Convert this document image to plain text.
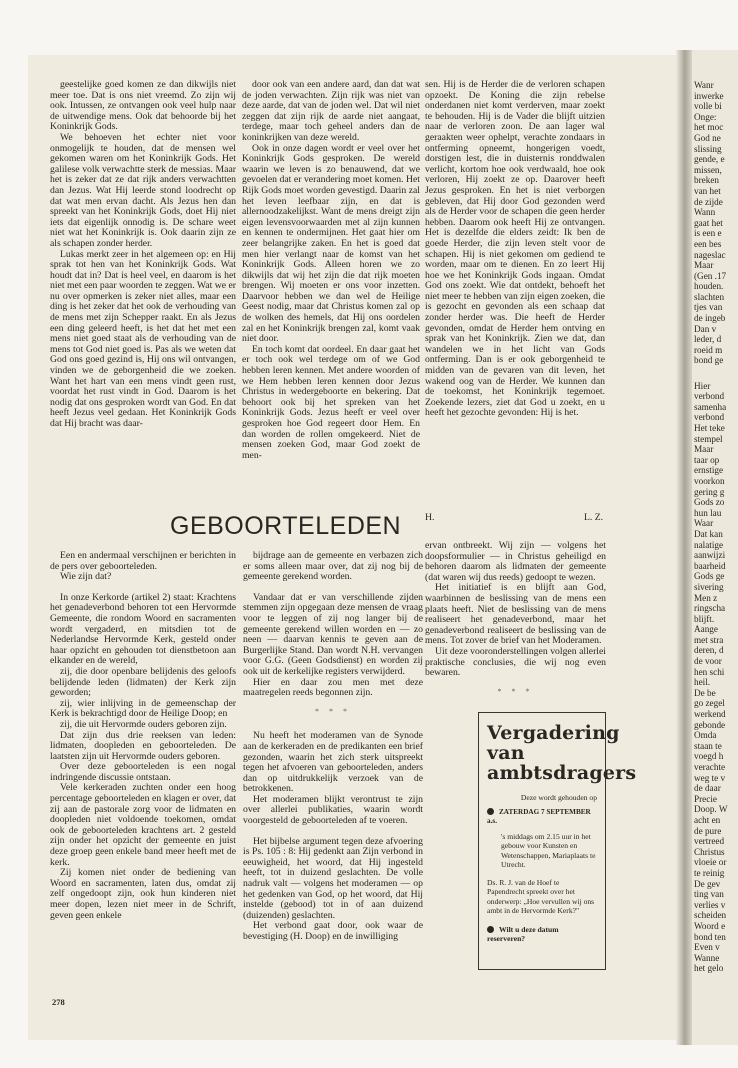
Wanr
inwerke
volle bi
Onge:
het moc
God ne
slissing
gende, e
missen,
breken
van het
de zijde
Wann
gaat het
is een e
een bes
nageslac
Maar
(Gen .17
houden.
slachten
tjes van
de ingeb
Dan v
leder, d
roeid m
bond ge
Hier
verbond
samenha
verbond
Het teke
stempel
Maar
taar op
ernstige
voorkon
gering g
Gods zo
hun lau
Waar
Dat kan
nalatige
aanwijzi
baarheid
Gods ge
sivering
Men z
ringscha
blijft.
Aange
met stra
deren, d
de voor
hen schi
heil.
De be
go zegel
werkend
gebonde
Omda
staan te
voegd h
verachte
weg te v
de daar
Precie
Doop. W
acht en
de pure
vertreed
Christus
vloeie or
te reinig
De gev
ting van
verlies v
scheiden
Woord e
bond ten
Even v
Wanne
het gelo

geestelijke goed komen ze dan dikwijls niet meer toe. Dat is ons niet vreemd. Zo zijn wij ook. Intussen, ze ontvangen ook veel hulp naar de uitwendige mens. Ook dat behoorde bij het Koninkrijk Gods.

We behoeven het echter niet voor onmogelijk te houden, dat de mensen wel gekomen waren om het Koninkrijk Gods. Het galilese volk verwachtte sterk de messias. Maar het is zeker dat ze dat rijk anders verwachtten dan Jezus. Wat Hij leerde stond loodrecht op dat wat men ervan dacht. Als Jezus hen dan spreekt van het Koninkrijk Gods, doet Hij niet iets dat eigenlijk onnodig is. De schare weet niet wat het Koninkrijk is. Ook daarin zijn ze als schapen zonder herder.

Lukas merkt zeer in het algemeen op: en Hij sprak tot hen van het Koninkrijk Gods. Wat houdt dat in? Dat is heel veel, en daarom is het niet met een paar woorden te zeggen. Wat we er nu over opmerken is zeker niet alles, maar een ding is het zeker dat het ook de verhouding van de mens met zijn Schepper raakt. En als Jezus een ding geleerd heeft, is het dat het met een mens niet goed staat als de verhouding van de mens tot God niet goed is. Pas als we weten dat God ons goed gezind is, Hij ons wil ontvangen, vinden we de geborgenheid die we zoeken. Want het hart van een mens vindt geen rust, voordat het rust vindt in God. Daarom is het nodig dat ons gesproken wordt van God. En dat heeft Jezus veel gedaan. Het Koninkrijk Gods dat Hij bracht was daar-

door ook van een andere aard, dan dat wat de joden verwachten. Zijn rijk was niet van deze aarde, dat van de joden wel. Dat wil niet zeggen dat zijn rijk de aarde niet aangaat, terdege, maar toch geheel anders dan de koninkrijken van deze wereld.

Ook in onze dagen wordt er veel over het Koninkrijk Gods gesproken. De wereld waarin we leven is zo benauwend, dat we gevoelen dat er verandering moet komen. Het Rijk Gods moet worden gevestigd. Daarin zal het leven leefbaar zijn, en dat is allernoodzakelijkst. Want de mens dreigt zijn eigen levensvoorwaarden met al zijn kunnen en kennen te ondermijnen. Het gaat hier om zeer belangrijke zaken. En het is goed dat men hier verlangt naar de komst van het Koninkrijk Gods. Alleen horen we zo dikwijls dat wij het zijn die dat rijk moeten brengen. Wij moeten er ons voor inzetten. Daarvoor hebben we dan wel de Heilige Geest nodig, maar dat Christus komen zal op de wolken des hemels, dat Hij ons oordelen zal en het Koninkrijk brengen zal, komt vaak niet door.

En toch komt dat oordeel. En daar gaat het er toch ook wel terdege om of we God hebben leren kennen. Met andere woorden of we Hem hebben leren kennen door Jezus Christus in wedergeboorte en bekering. Dat behoort ook bij het spreken van het Koninkrijk Gods. Jezus heeft er veel over gesproken hoe God regeert door Hem. En dan worden de rollen omgekeerd. Niet de mensen zoeken God, maar God zoekt de men-

sen. Hij is de Herder die de verloren schapen opzoekt. De Koning die zijn rebelse onderdanen niet komt verderven, maar zoekt te behouden. Hij is de Vader die blijft uitzien naar de verloren zoon. De aan lager wal geraakten weer ophelpt, verachte zondaars in ontferming opneemt, hongerigen voedt, dorstigen lest, die in duisternis ronddwalen verlicht, kortom hoe ook verdwaald, hoe ook verloren, Hij zoekt ze op. Daarover heeft Jezus gesproken. En het is niet verborgen gebleven, dat Hij door God gezonden werd als de Herder voor de schapen die geen herder hebben. Daarom ook heeft Hij ze ontvangen. Het is dezelfde die elders zeidt: Ik ben de goede Herder, die zijn leven stelt voor de schapen. Hij is niet gekomen om gediend te worden, maar om te dienen. En zo leert Hij hoe we het Koninkrijk Gods ingaan. Omdat God ons zoekt. Wie dat ontdekt, behoeft het niet meer te hebben van zijn eigen zoeken, die is gezocht en gevonden als een schaap dat zonder herder was. Die heeft de Herder gevonden, omdat de Herder hem ontving en sprak van het Koninkrijk. Zien we dat, dan wandelen we in het licht van Gods ontferming. Dan is er ook geborgenheid te midden van de gevaren van dit leven, het wakend oog van de Herder. We kunnen dan de toekomst, het Koninkrijk tegemoet. Zoekende lezers, ziet dat God u zoekt, en u heeft het gezochte gevonden: Hij is het.

H.	L. Z.
GEBOORTELEDEN

Een en andermaal verschijnen er berichten in de pers over geboorteleden.

Wie zijn dat?

In onze Kerkorde (artikel 2) staat: Krachtens het genadeverbond behoren tot een Hervormde Gemeente, die rondom Woord en sacramenten wordt vergaderd, en mitsdien tot de Nederlandse Hervormde Kerk, gesteld onder haar opzicht en gehouden tot dienstbetoon aan elkander en de wereld,

zij, die door openbare belijdenis des geloofs belijdende leden (lidmaten) der Kerk zijn geworden;

zij, wier inlijving in de gemeenschap der Kerk is bekrachtigd door de Heilige Doop; en

zij, die uit Hervormde ouders geboren zijn.

Dat zijn dus drie reeksen van leden: lidmaten, doopleden en geboorteleden. De laatsten zijn uit Hervormde ouders geboren.

Over deze geboorteleden is een nogal indringende discussie ontstaan.

Vele kerkeraden zuchten onder een hoog percentage geboorteleden en klagen er over, dat zij aan de pastorale zorg voor de lidmaten en doopleden niet voldoende toekomen, omdat ook de geboorteleden krachtens art. 2 gesteld zijn onder het opzicht der gemeente en juist deze groep geen enkele band meer heeft met de kerk.

Zij komen niet onder de bediening van Woord en sacramenten, laten dus, omdat zij zelf ongedoopt zijn, ook hun kinderen niet meer dopen, lezen niet meer in de Schrift, geven geen enkele

bijdrage aan de gemeente en verbazen zich er soms alleen maar over, dat zij nog bij de gemeente gerekend worden.

Vandaar dat er van verschillende zijden stemmen zijn opgegaan deze mensen de vraag voor te leggen of zij nog langer bij de gemeente gerekend willen worden en — zo neen — daarvan kennis te geven aan de Burgerlijke Stand. Dan wordt N.H. vervangen voor G.G. (Geen Godsdienst) en worden zij ook uit de kerkelijke registers verwijderd.

Hier en daar zou men met deze maatregelen reeds begonnen zijn.

* * *

Nu heeft het moderamen van de Synode aan de kerkeraden en de predikanten een brief gezonden, waarin het zich sterk uitspreekt tegen het afvoeren van geboorteleden, anders dan op uitdrukkelijk verzoek van de betrokkenen.

Het moderamen blijkt verontrust te zijn over allerlei publikaties, waarin wordt voorgesteld de geboorteleden af te voeren.

Het bijbelse argument tegen deze afvoering is Ps. 105 : 8: Hij gedenkt aan Zijn verbond in eeuwigheid, het woord, dat Hij ingesteld heeft, tot in duizend geslachten. De volle nadruk valt — volgens het moderamen — op het gedenken van God, op het woord, dat Hij instelde (gebood) tot in of aan duizend (duizenden) geslachten.

Het verbond gaat door, ook waar de bevestiging (H. Doop) en de inwilliging

ervan ontbreekt. Wij zijn — volgens het doopsformulier — in Christus geheiligd en behoren daarom als lidmaten der gemeente (dat waren wij dus reeds) gedoopt te wezen.

Het initiatief is en blijft aan God, waarbinnen de beslissing van de mens een plaats heeft. Niet de beslissing van de mens realiseert het genadeverbond, maar het genadeverbond realiseert de beslissing van de mens. Tot zover de brief van het Moderamen.

Uit deze vooronderstellingen volgen allerlei praktische conclusies, die wij nog even bewaren.

* * *
Vergadering
van
ambtsdragers
Deze wordt gehouden op
ZATERDAG 7 SEPTEMBER a.s.
's middags om 2.15 uur in het gebouw voor Kunsten en Wetenschappen, Mariaplaats te Utrecht.
Ds. R. J. van de Hoef te Papendrecht spreekt over het onderwerp: „Hoe vervullen wij ons ambt in de Hervormde Kerk?"
Wilt u deze datum reserveren?
278
